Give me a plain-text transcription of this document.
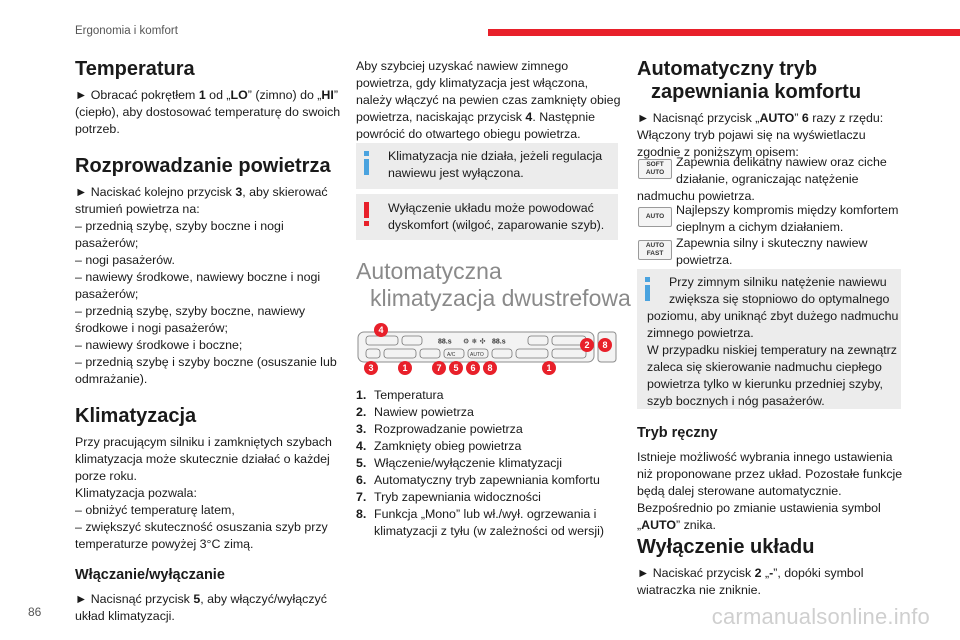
Ergonomia i komfort
Temperatura
► Obracać pokrętłem 1 od „LO” (zimno) do „HI”
(ciepło), aby dostosować temperaturę do swoich
potrzeb.
Rozprowadzanie powietrza
► Naciskać kolejno przycisk 3, aby skierować
strumień powietrza na:
– przednią szybę, szyby boczne i nogi
pasażerów;
– nogi pasażerów.
– nawiewy środkowe, nawiewy boczne i nogi
pasażerów;
– przednią szybę, szyby boczne, nawiewy
środkowe i nogi pasażerów;
– nawiewy środkowe i boczne;
– przednią szybę i szyby boczne (osuszanie lub
odmrażanie).
Klimatyzacja
Przy pracującym silniku i zamkniętych szybach
klimatyzacja może skutecznie działać o każdej
porze roku.
Klimatyzacja pozwala:
– obniżyć temperaturę latem,
– zwiększyć skuteczność osuszania szyb przy
temperaturze powyżej 3°C zimą.
Włączanie/wyłączanie
► Nacisnąć przycisk 5, aby włączyć/wyłączyć
układ klimatyzacji.
Aby szybciej uzyskać nawiew zimnego
powietrza, gdy klimatyzacja jest włączona,
należy włączyć na pewien czas zamknięty obieg
powietrza, naciskając przycisk 4. Następnie
powrócić do otwartego obiegu powietrza.
Klimatyzacja nie działa, jeżeli regulacja
nawiewu jest wyłączona.
Wyłączenie układu może powodować
dyskomfort (wilgoć, zaparowanie szyb).
Automatyczna
klimatyzacja dwustrefowa
88.s ⚙ ❄ ✣ 88.s
A/C	AUTO
4
2	8
3	1	7	5	6	8	1
1. Temperatura
2. Nawiew powietrza
3. Rozprowadzanie powietrza
4. Zamknięty obieg powietrza
5. Włączenie/wyłączenie klimatyzacji
6. Automatyczny tryb zapewniania komfortu
7. Tryb zapewniania widoczności
8. Funkcja „Mono” lub wł./wył. ogrzewania i
klimatyzacji z tyłu (w zależności od wersji)
Automatyczny tryb
zapewniania komfortu
► Nacisnąć przycisk „AUTO” 6 razy z rzędu:
Włączony tryb pojawi się na wyświetlaczu
zgodnie z poniższym opisem:
SOFT
AUTO
Zapewnia delikatny nawiew oraz ciche
działanie, ograniczając natężenie
nadmuchu powietrza.
AUTO Najlepszy kompromis między komfortem
cieplnym a cichym działaniem.
AUTO
FAST
Zapewnia silny i skuteczny nawiew
powietrza.
Przy zimnym silniku natężenie nawiewu
zwiększa się stopniowo do optymalnego
poziomu, aby uniknąć zbyt dużego nadmuchu
zimnego powietrza.
W przypadku niskiej temperatury na zewnątrz
zaleca się skierowanie nadmuchu ciepłego
powietrza tylko w kierunku przedniej szyby,
szyb bocznych i nóg pasażerów.
Tryb ręczny
Istnieje możliwość wybrania innego ustawienia
niż proponowane przez układ. Pozostałe funkcje
będą dalej sterowane automatycznie.
Bezpośrednio po zmianie ustawienia symbol
„AUTO” znika.
Wyłączenie układu
► Naciskać przycisk 2 „-”, dopóki symbol
wiatraczka nie zniknie.
86	carmanualsonline.info
